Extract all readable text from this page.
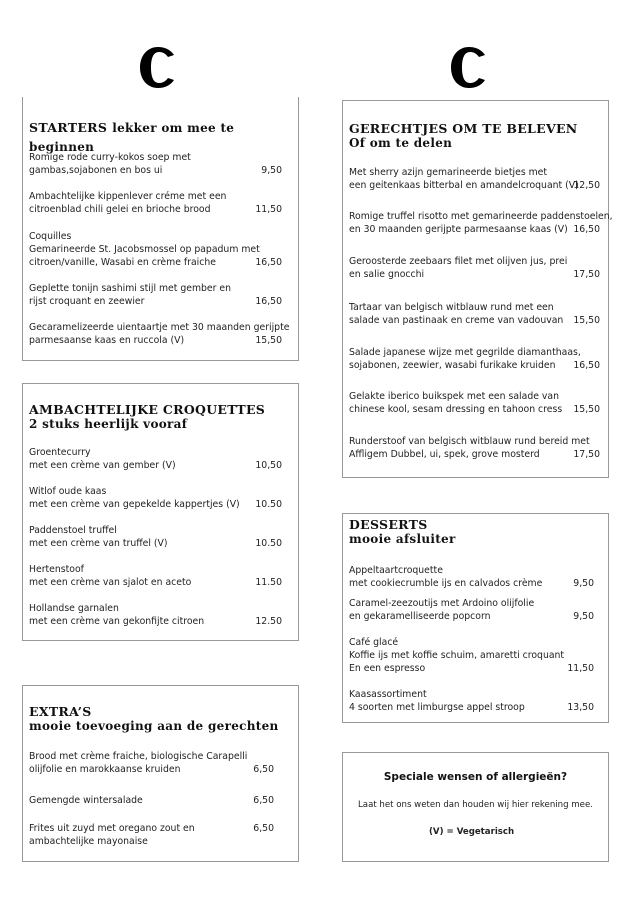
STARTERS lekker om mee te beginnen
Romige rode curry-kokos soep met
gambas,sojabonen en bos ui	9,50
Ambachtelijke kippenlever créme met een
citroenblad chili gelei en brioche brood	11,50
Coquilles
Gemarineerde St. Jacobsmossel op papadum met
citroen/vanille, Wasabi en crème fraiche	16,50
Geplette tonijn sashimi stijl met gember en
rijst croquant en zeewier	16,50
Gecaramelizeerde uientaartje met 30 maanden gerijpte
parmesaanse kaas en ruccola (V)	15,50
AMBACHTELIJKE CROQUETTES
2 stuks heerlijk vooraf
Groentecurry
met een crème van gember (V)	10,50
Witlof oude kaas
met een crème van gepekelde kappertjes (V)	10.50
Paddenstoel truffel
met een crème van truffel (V)	10.50
Hertenstoof
met een crème van sjalot en aceto	11.50
Hollandse garnalen
met een crème van gekonfijte citroen	12.50
EXTRA’S
mooie toevoeging aan de gerechten
Brood met crème fraiche, biologische Carapelli
olijfolie en marokkaanse kruiden	6,50
Gemengde wintersalade	6,50
Frites uit zuyd met oregano zout en
ambachtelijke mayonaise
6,50
GERECHTJES OM TE BELEVEN
Of om te delen
Met sherry azijn gemarineerde bietjes met
een geitenkaas bitterbal en amandelcroquant (V)
12,50
Romige truffel risotto met gemarineerde paddenstoelen,
en 30 maanden gerijpte parmesaanse kaas (V) 16,50
Geroosterde zeebaars filet met olijven jus, prei
en salie gnocchi	17,50
Tartaar van belgisch witblauw rund met een
salade van pastinaak en creme van vadouvan	15,50
Salade japanese wijze met gegrilde diamanthaas,
sojabonen, zeewier, wasabi furikake kruiden	16,50
Gelakte iberico buikspek met een salade van
chinese kool, sesam dressing en tahoon cress	15,50
Runderstoof van belgisch witblauw rund bereid met
Affligem Dubbel, ui, spek, grove mosterd	17,50
DESSERTS
mooie afsluiter
Appeltaartcroquette
met cookiecrumble ijs en calvados crème	9,50
Caramel-zeezoutijs met Ardoino olijfolie
en gekaramelliseerde popcorn	9,50
Café glacé
Koffie ijs met koffie schuim, amaretti croquant
En een espresso	11,50
Kaasassortiment
4 soorten met limburgse appel stroop	13,50
Speciale wensen of allergieën?
Laat het ons weten dan houden wij hier rekening mee.
(V) = Vegetarisch
